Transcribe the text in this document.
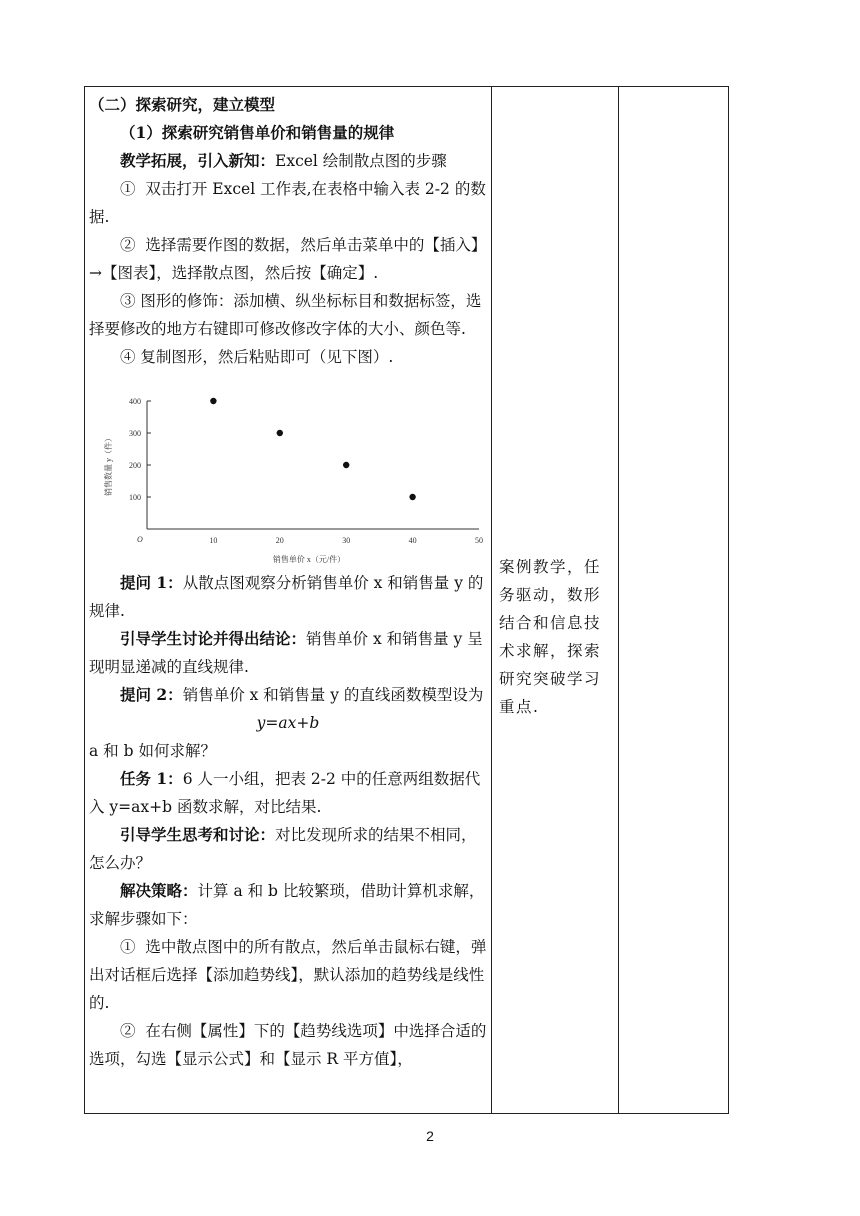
（二）探索研究，建立模型

（1）探索研究销售单价和销售量的规律

教学拓展，引入新知：Excel 绘制散点图的步骤

①  双击打开 Excel 工作表,在表格中输入表 2-2 的数据.

②  选择需要作图的数据，然后单击菜单中的【插入】→【图表】，选择散点图，然后按【确定】.

③ 图形的修饰：添加横、纵坐标标目和数据标签，选择要修改的地方右键即可修改修改字体的大小、颜色等.

④ 复制图形，然后粘贴即可（见下图）.

100
200
300
400
10	20	30	40	50
O
销售单价 x（元/件）
销售数量 y（件）

提问 1：从散点图观察分析销售单价 x 和销售量 y 的规律.

引导学生讨论并得出结论：销售单价 x 和销售量 y 呈现明显递减的直线规律.

提问 2：销售单价 x 和销售量 y 的直线函数模型设为

y=ax+b

a 和 b 如何求解？

任务 1：6 人一小组，把表 2-2 中的任意两组数据代入 y=ax+b 函数求解，对比结果.

引导学生思考和讨论：对比发现所求的结果不相同，怎么办？

解决策略：计算 a 和 b 比较繁琐，借助计算机求解，求解步骤如下：

①  选中散点图中的所有散点，然后单击鼠标右键，弹出对话框后选择【添加趋势线】，默认添加的趋势线是线性的.

②  在右侧【属性】下的【趋势线选项】中选择合适的选项，勾选【显示公式】和【显示 R 平方值】，

案例教学，任务驱动，数形结合和信息技术求解，探索研究突破学习重点.
2
